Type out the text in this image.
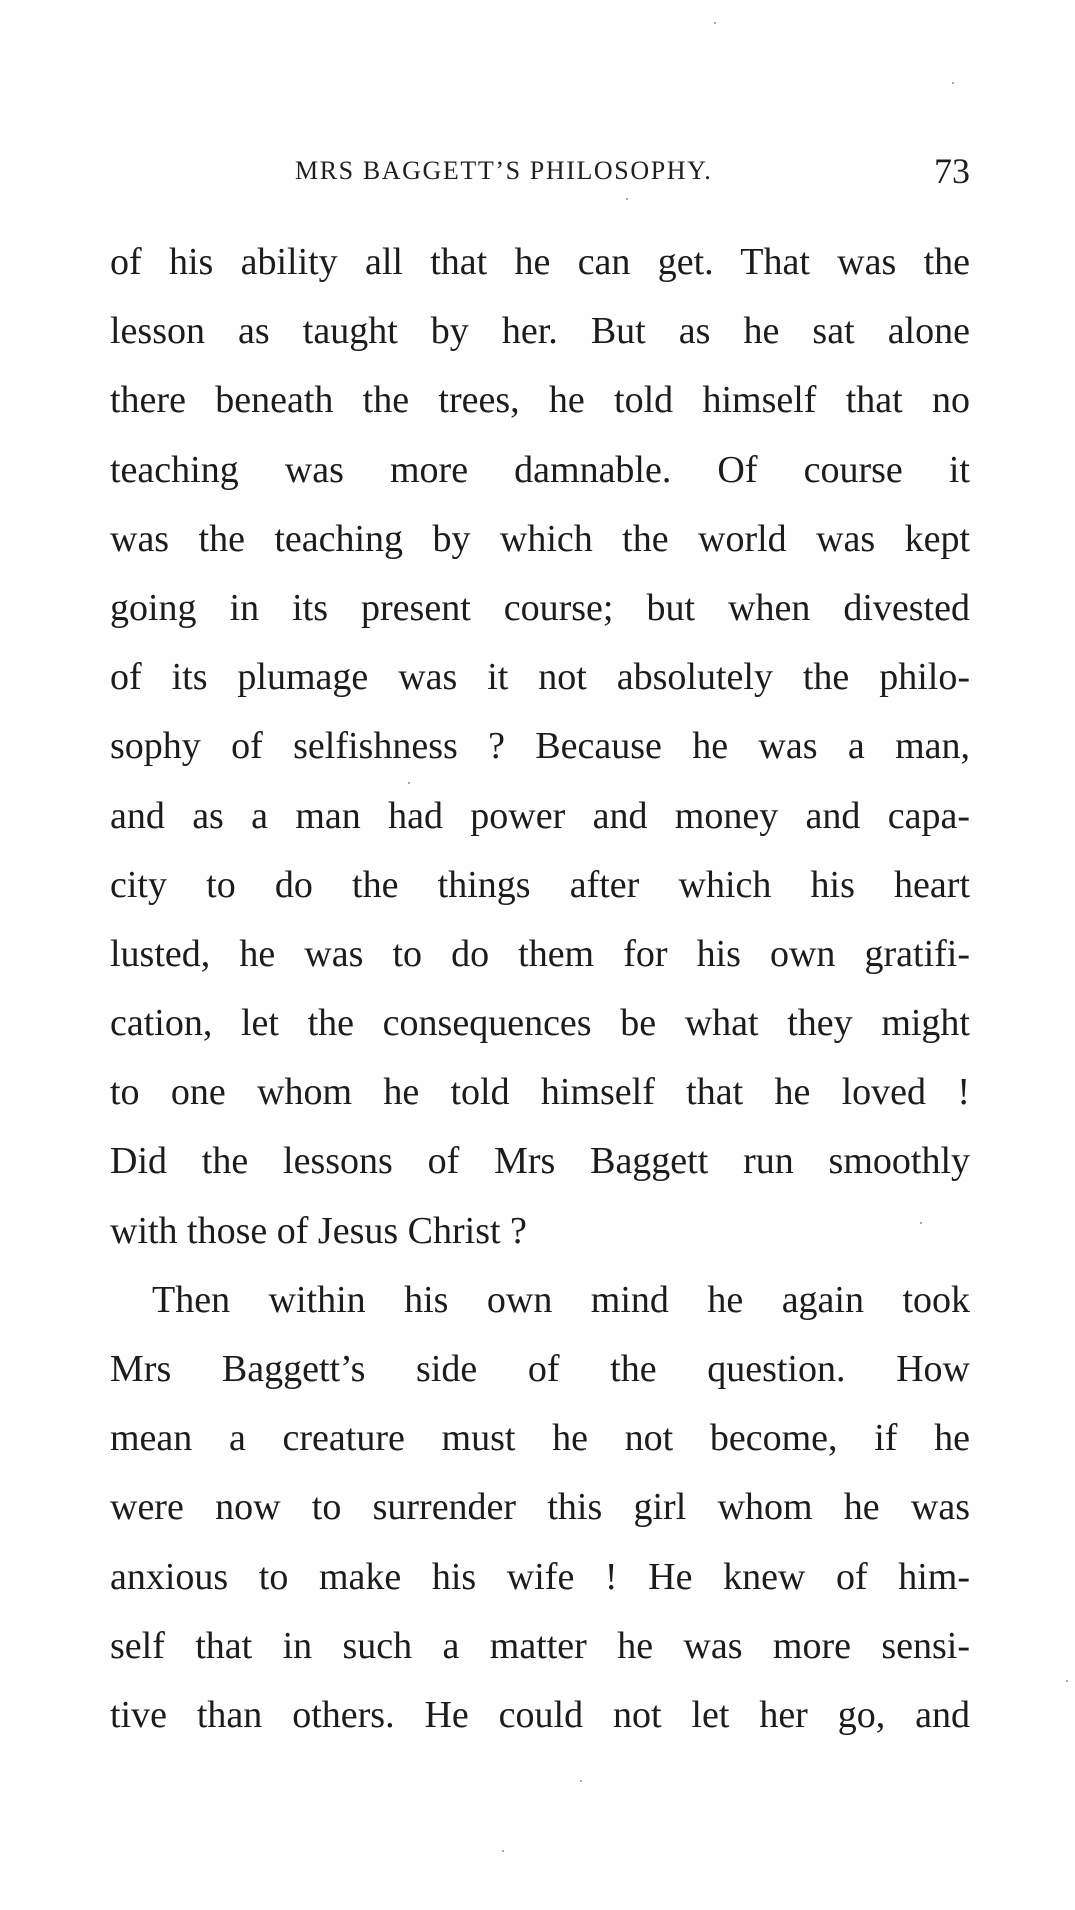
MRS BAGGETT’S PHILOSOPHY.	73
of his ability all that he can get. That was the
lesson as taught by her. But as he sat alone
there beneath the trees, he told himself that no
teaching was more damnable. Of course it
was the teaching by which the world was kept
going in its present course; but when divested
of its plumage was it not absolutely the philo-
sophy of selfishness ? Because he was a man,
and as a man had power and money and capa-
city to do the things after which his heart
lusted, he was to do them for his own gratifi-
cation, let the consequences be what they might
to one whom he told himself that he loved !
Did the lessons of Mrs Baggett run smoothly
with those of Jesus Christ ?
Then within his own mind he again took
Mrs Baggett’s side of the question. How
mean a creature must he not become, if he
were now to surrender this girl whom he was
anxious to make his wife ! He knew of him-
self that in such a matter he was more sensi-
tive than others. He could not let her go, and
